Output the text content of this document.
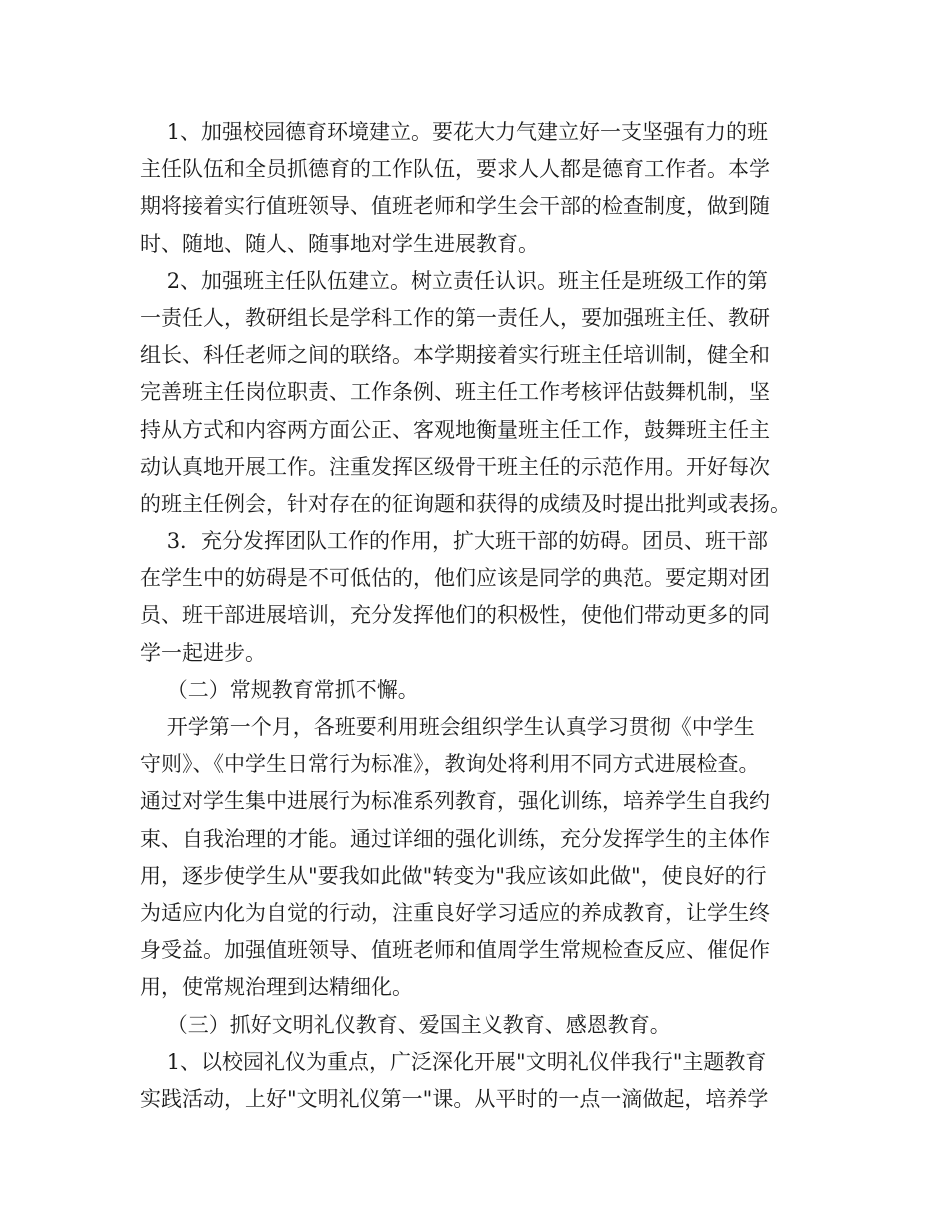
1、加强校园德育环境建立。要花大力气建立好一支坚强有力的班
主任队伍和全员抓德育的工作队伍，要求人人都是德育工作者。本学
期将接着实行值班领导、值班老师和学生会干部的检查制度，做到随
时、随地、随人、随事地对学生进展教育。
2、加强班主任队伍建立。树立责任认识。班主任是班级工作的第
一责任人，教研组长是学科工作的第一责任人，要加强班主任、教研
组长、科任老师之间的联络。本学期接着实行班主任培训制，健全和
完善班主任岗位职责、工作条例、班主任工作考核评估鼓舞机制，坚
持从方式和内容两方面公正、客观地衡量班主任工作，鼓舞班主任主
动认真地开展工作。注重发挥区级骨干班主任的示范作用。开好每次
的班主任例会，针对存在的征询题和获得的成绩及时提出批判或表扬。
3．充分发挥团队工作的作用，扩大班干部的妨碍。团员、班干部
在学生中的妨碍是不可低估的，他们应该是同学的典范。要定期对团
员、班干部进展培训，充分发挥他们的积极性，使他们带动更多的同
学一起进步。
（二）常规教育常抓不懈。
开学第一个月，各班要利用班会组织学生认真学习贯彻《中学生
守则》、《中学生日常行为标准》，教询处将利用不同方式进展检查。
通过对学生集中进展行为标准系列教育，强化训练，培养学生自我约
束、自我治理的才能。通过详细的强化训练，充分发挥学生的主体作
用，逐步使学生从"要我如此做"转变为"我应该如此做"，使良好的行
为适应内化为自觉的行动，注重良好学习适应的养成教育，让学生终
身受益。加强值班领导、值班老师和值周学生常规检查反应、催促作
用，使常规治理到达精细化。
（三）抓好文明礼仪教育、爱国主义教育、感恩教育。
1、以校园礼仪为重点，广泛深化开展"文明礼仪伴我行"主题教育
实践活动，上好"文明礼仪第一"课。从平时的一点一滴做起，培养学
